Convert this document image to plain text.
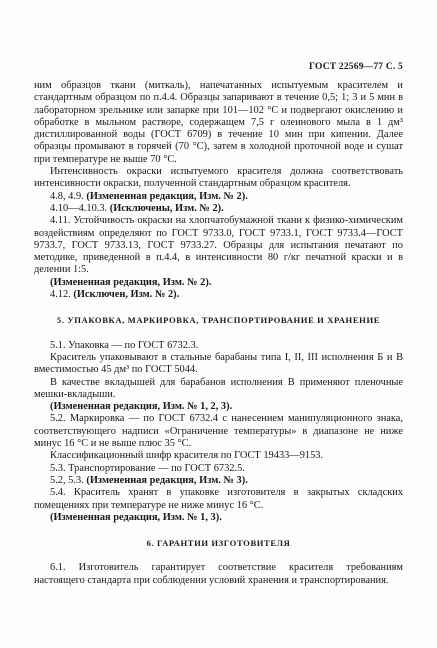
ГОСТ 22569—77 С. 5

ним образцов ткани (миткаль), напечатанных испытуемым красителем и стандартным образцом по п.4.4. Образцы запаривают в течение 0,5; 1; 3 и 5 мин в лабораторном зрельнике или запарке при 101—102 °С и подвергают окислению и обработке в мыльном растворе, содержащем 7,5 г олеинового мыла в 1 дм³ дистиллированной воды (ГОСТ 6709) в течение 10 мин при кипении. Далее образцы промывают в горячей (70 °С), затем в холодной проточной воде и сушат при температуре не выше 70 °С.

Интенсивность окраски испытуемого красителя должна соответствовать интенсивности окраски, полученной стандартным образцом красителя.

4.8, 4.9. (Измененная редакция, Изм. № 2).

4.10—4.10.3. (Исключены, Изм. № 2).

4.11. Устойчивость окраски на хлопчатобумажной ткани к физико-химическим воздействиям определяют по ГОСТ 9733.0, ГОСТ 9733.1, ГОСТ 9733.4—ГОСТ 9733.7, ГОСТ 9733.13, ГОСТ 9733.27. Образцы для испытания печатают по методике, приведенной в п.4.4, в интенсивности 80 г/кг печатной краски и в делении 1:5.

(Измененная редакция, Изм. № 2).

4.12. (Исключен, Изм. № 2).

5. УПАКОВКА, МАРКИРОВКА, ТРАНСПОРТИРОВАНИЕ И ХРАНЕНИЕ

5.1. Упаковка — по ГОСТ 6732.3.

Краситель упаковывают в стальные барабаны типа I, II, III исполнения Б и В вместимостью 45 дм³ по ГОСТ 5044.

В качестве вкладышей для барабанов исполнения В применяют пленочные мешки-вкладыши.

(Измененная редакция, Изм. № 1, 2, 3).

5.2. Маркировка — по ГОСТ 6732.4 с нанесением манипуляционного знака, соответствующего надписи «Ограничение температуры» в диапазоне не ниже минус 16 °С и не выше плюс 35 °С.

Классификационный шифр красителя по ГОСТ 19433—9153.

5.3. Транспортирование — по ГОСТ 6732.5.

5.2, 5.3. (Измененная редакция, Изм. № 3).

5.4. Краситель хранят в упаковке изготовителя в закрытых складских помещениях при температуре не ниже минус 16 °С.

(Измененная редакция, Изм. № 1, 3).

6. ГАРАНТИИ ИЗГОТОВИТЕЛЯ

6.1. Изготовитель гарантирует соответствие красителя требованиям настоящего стандарта при соблюдении условий хранения и транспортирования.
